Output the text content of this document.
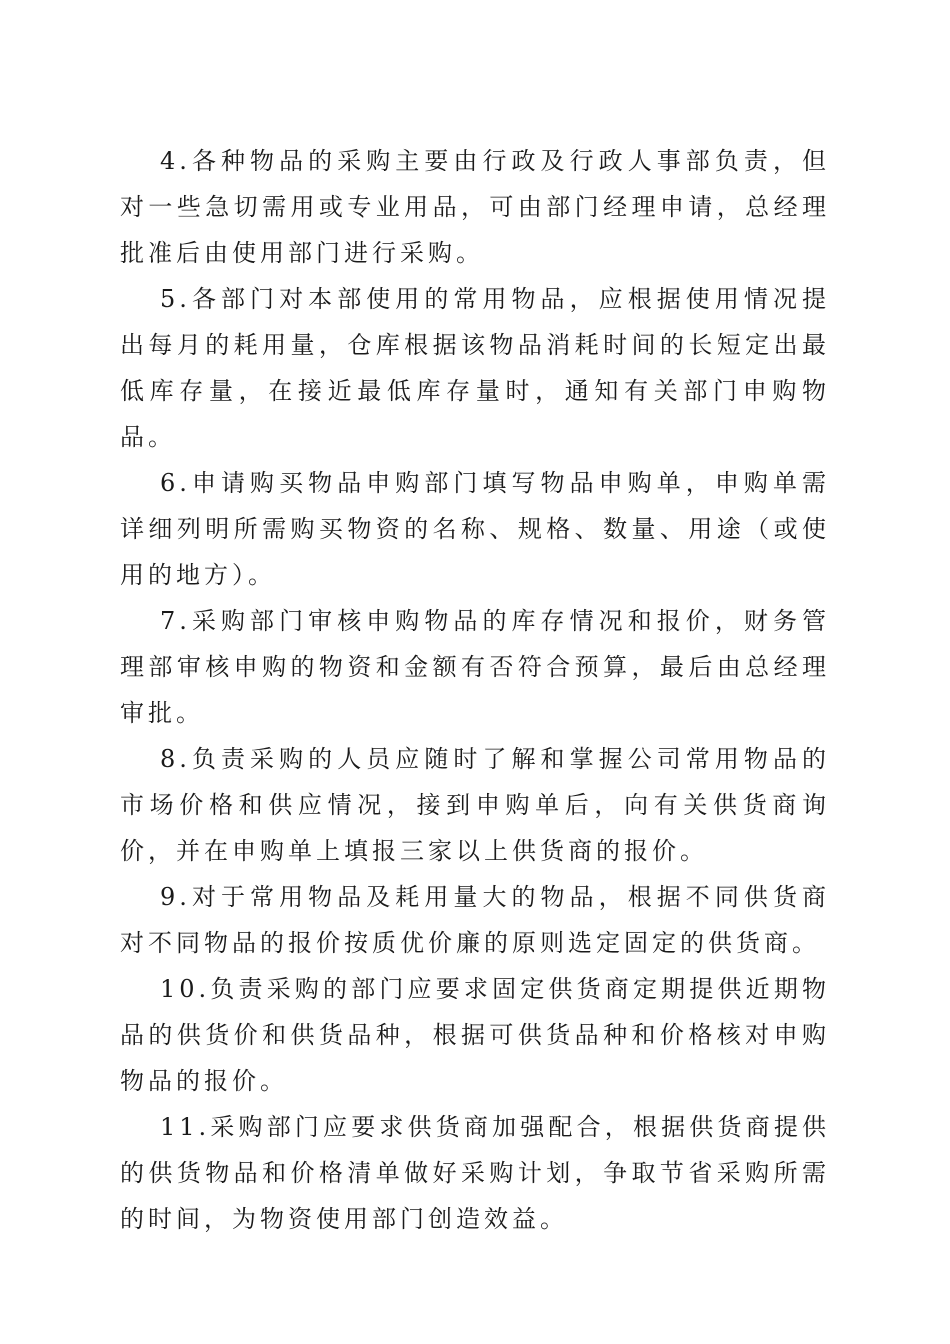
4.各种物品的采购主要由行政及行政人事部负责，但对一些急切需用或专业用品，可由部门经理申请，总经理批准后由使用部门进行采购。

5.各部门对本部使用的常用物品，应根据使用情况提出每月的耗用量，仓库根据该物品消耗时间的长短定出最低库存量，在接近最低库存量时，通知有关部门申购物品。

6.申请购买物品申购部门填写物品申购单，申购单需详细列明所需购买物资的名称、规格、数量、用途（或使用的地方）。

7.采购部门审核申购物品的库存情况和报价，财务管理部审核申购的物资和金额有否符合预算，最后由总经理审批。

8.负责采购的人员应随时了解和掌握公司常用物品的市场价格和供应情况，接到申购单后，向有关供货商询价，并在申购单上填报三家以上供货商的报价。

9.对于常用物品及耗用量大的物品，根据不同供货商对不同物品的报价按质优价廉的原则选定固定的供货商。

10.负责采购的部门应要求固定供货商定期提供近期物品的供货价和供货品种，根据可供货品种和价格核对申购物品的报价。

11.采购部门应要求供货商加强配合，根据供货商提供的供货物品和价格清单做好采购计划，争取节省采购所需的时间，为物资使用部门创造效益。
